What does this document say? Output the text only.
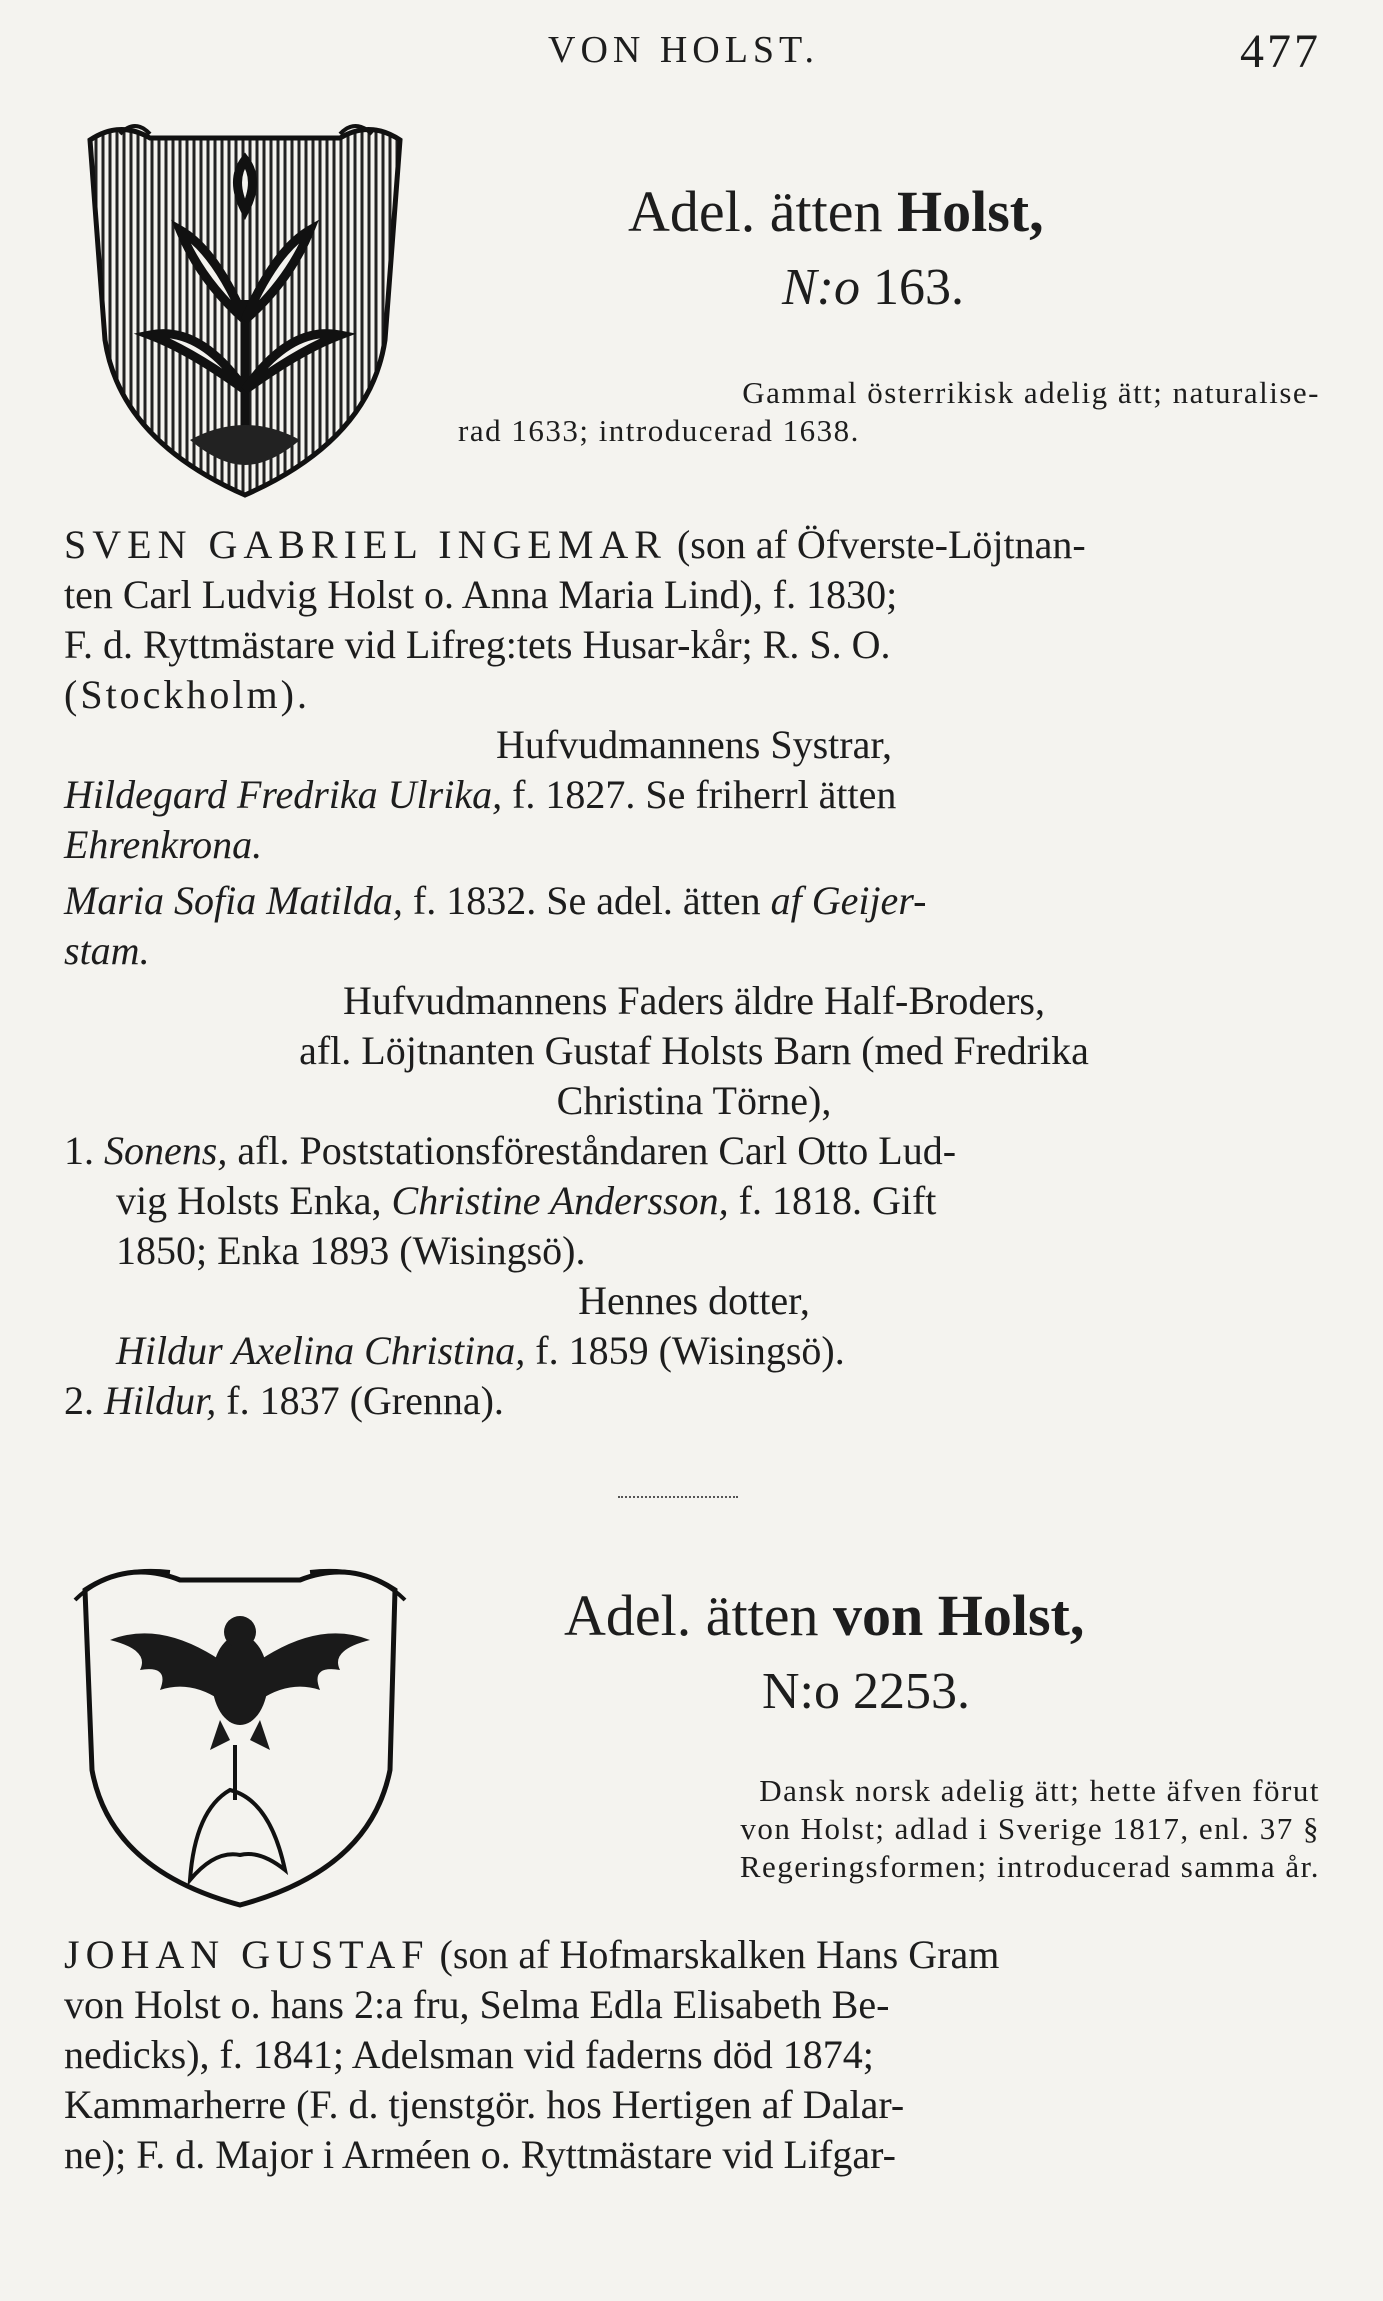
VON HOLST.	477
Adel. ätten Holst,
N:o 163.
Gammal österrikisk adelig ätt; naturalise-
rad 1633; introducerad 1638.
SVEN GABRIEL INGEMAR (son af Öfverste-Löjtnan-
ten Carl Ludvig Holst o. Anna Maria Lind), f. 1830;
F. d. Ryttmästare vid Lifreg:tets Husar-kår; R. S. O.
(Stockholm).
Hufvudmannens Systrar,
Hildegard Fredrika Ulrika, f. 1827. Se friherrl ätten
Ehrenkrona.
Maria Sofia Matilda, f. 1832. Se adel. ätten af Geijer-
stam.
Hufvudmannens Faders äldre Half-Broders,
afl. Löjtnanten Gustaf Holsts Barn (med Fredrika
Christina Törne),
1. Sonens, afl. Poststationsföreståndaren Carl Otto Lud-
vig Holsts Enka, Christine Andersson, f. 1818. Gift
1850; Enka 1893 (Wisingsö).
Hennes dotter,
Hildur Axelina Christina, f. 1859 (Wisingsö).
2. Hildur, f. 1837 (Grenna).
Adel. ätten von Holst,
N:o 2253.
Dansk norsk adelig ätt; hette äfven förut
von Holst; adlad i Sverige 1817, enl. 37 §
Regeringsformen; introducerad samma år.
JOHAN GUSTAF (son af Hofmarskalken Hans Gram
von Holst o. hans 2:a fru, Selma Edla Elisabeth Be-
nedicks), f. 1841; Adelsman vid faderns död 1874;
Kammarherre (F. d. tjenstgör. hos Hertigen af Dalar-
ne); F. d. Major i Arméen o. Ryttmästare vid Lifgar-
